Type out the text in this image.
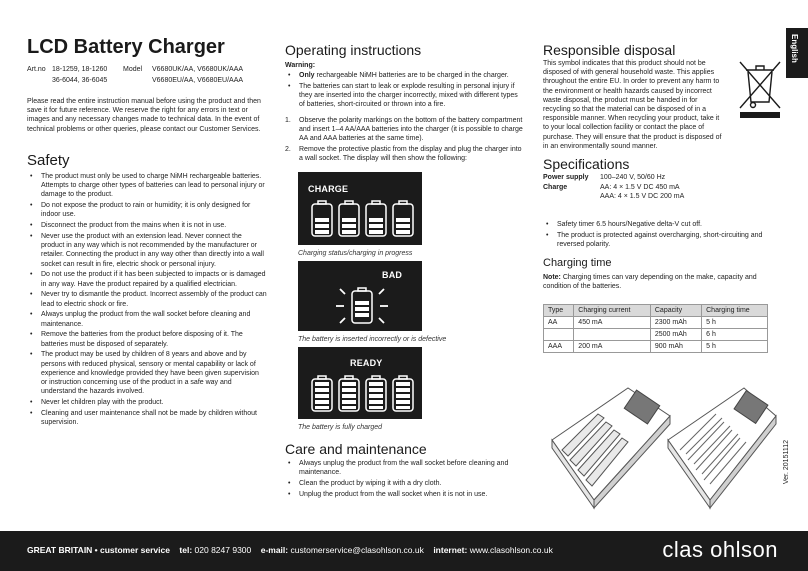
English
LCD Battery Charger
Art.no 18-1259, 18-1260
36-6044, 36-6045
Model V6680UK/AA, V6680UK/AAA
V6680EU/AA, V6680EU/AAA
Please read the entire instruction manual before using the product and then save it for future reference. We reserve the right for any errors in text or images and any necessary changes made to technical data. In the event of technical problems or other queries, please contact our Customer Services.
Safety
• The product must only be used to charge NiMH rechargeable batteries. Attempts to charge other types of batteries can lead to personal injury or damage to the product.
• Do not expose the product to rain or humidity; it is only designed for indoor use.
• Disconnect the product from the mains when it is not in use.
• Never use the product with an extension lead. Never connect the product in any way which is not recommended by the manufacturer or retailer. Connecting the product in any way other than directly into a wall socket can result in fire, electric shock or personal injury.
• Do not use the product if it has been subjected to impacts or is damaged in any way. Have the product repaired by a qualified electrician.
• Never try to dismantle the product. Incorrect assembly of the product can lead to electric shock or fire.
• Always unplug the product from the wall socket before cleaning and maintenance.
• Remove the batteries from the product before disposing of it. The batteries must be disposed of separately.
• The product may be used by children of 8 years and above and by persons with reduced physical, sensory or mental capability or lack of experience and knowledge provided they have been given supervision or instruction concerning use of the product in a safe way and understand the hazards involved.
• Never let children play with the product.
• Cleaning and user maintenance shall not be made by children without supervision.
Operating instructions
Warning:
• Only rechargeable NiMH batteries are to be charged in the charger.
• The batteries can start to leak or explode resulting in personal injury if they are inserted into the charger incorrectly, mixed with different types of batteries, short-circuited or thrown into a fire.
1. Observe the polarity markings on the bottom of the battery compartment and insert 1–4 AA/AAA batteries into the charger (it is possible to charge AA and AAA batteries at the same time).
2. Remove the protective plastic from the display and plug the charger into a wall socket. The display will then show the following:
CHARGE
Charging status/charging in progress
BAD
The battery is inserted incorrectly or is defective
READY
The battery is fully charged
Care and maintenance
• Always unplug the product from the wall socket before cleaning and maintenance.
• Clean the product by wiping it with a dry cloth.
• Unplug the product from the wall socket when it is not in use.
Responsible disposal
This symbol indicates that this product should not be disposed of with general household waste. This applies throughout the entire EU. In order to prevent any harm to the environment or health hazards caused by incorrect waste disposal, the product must be handed in for recycling so that the material can be disposed of in a responsible manner. When recycling your product, take it to your local collection facility or contact the place of purchase. They will ensure that the product is disposed of in an environmentally sound manner.
Specifications
Power supply	100–240 V, 50/60 Hz
Charge	AA: 4 × 1.5 V DC 450 mA
AAA: 4 × 1.5 V DC 200 mA
• Safety timer 6.5 hours/Negative delta-V cut off.
• The product is protected against overcharging, short-circuiting and reversed polarity.
Charging time
Note: Charging times can vary depending on the make, capacity and condition of the batteries.
Type	Charging current	Capacity	Charging time
AA	450 mA	2300 mAh	5 h
		2500 mAh	6 h
AAA	200 mA	900 mAh	5 h
Ver. 20151112
GREAT BRITAIN • customer service tel: 020 8247 9300 e-mail: customerservice@clasohlson.co.uk internet: www.clasohlson.co.uk	clas ohlson
